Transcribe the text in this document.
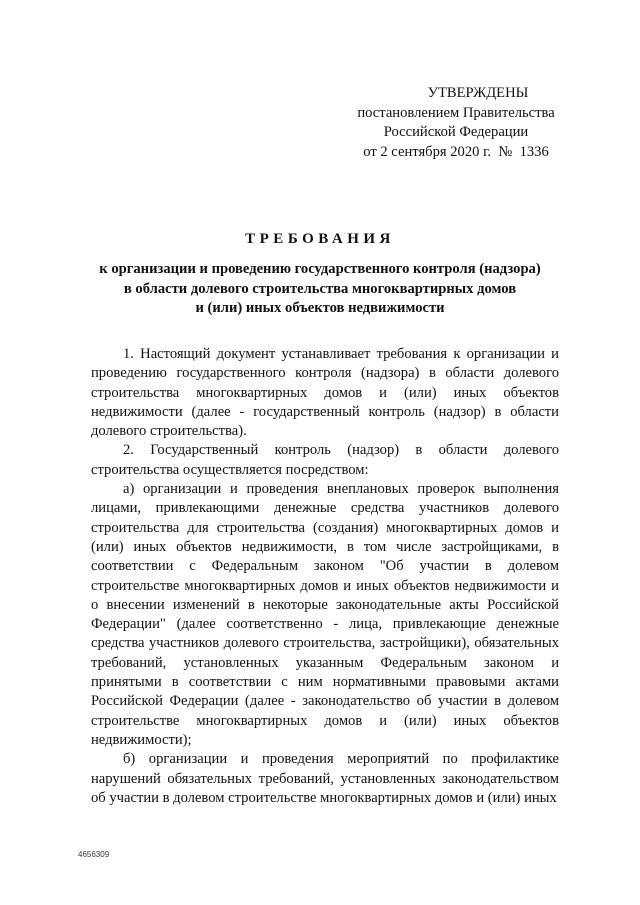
УТВЕРЖДЕНЫ
постановлением Правительства
Российской Федерации
от 2 сентября 2020 г.  №  1336
ТРЕБОВАНИЯ
к организации и проведению государственного контроля (надзора)
в области долевого строительства многоквартирных домов
и (или) иных объектов недвижимости

1. Настоящий документ устанавливает требования к организации и проведению государственного контроля (надзора) в области долевого строительства многоквартирных домов и (или) иных объектов недвижимости (далее - государственный контроль (надзор) в области долевого строительства).

2. Государственный контроль (надзор) в области долевого строительства осуществляется посредством:

а) организации и проведения внеплановых проверок выполнения лицами, привлекающими денежные средства участников долевого строительства для строительства (создания) многоквартирных домов и (или) иных объектов недвижимости, в том числе застройщиками, в соответствии с Федеральным законом "Об участии в долевом строительстве многоквартирных домов и иных объектов недвижимости и о внесении изменений в некоторые законодательные акты Российской Федерации" (далее соответственно - лица, привлекающие денежные средства участников долевого строительства, застройщики), обязательных требований, установленных указанным Федеральным законом и принятыми в соответствии с ним нормативными правовыми актами Российской Федерации (далее - законодательство об участии в долевом строительстве многоквартирных домов и (или) иных объектов недвижимости);

б) организации и проведения мероприятий по профилактике нарушений обязательных требований, установленных законодательством об участии в долевом строительстве многоквартирных домов и (или) иных

4656309
